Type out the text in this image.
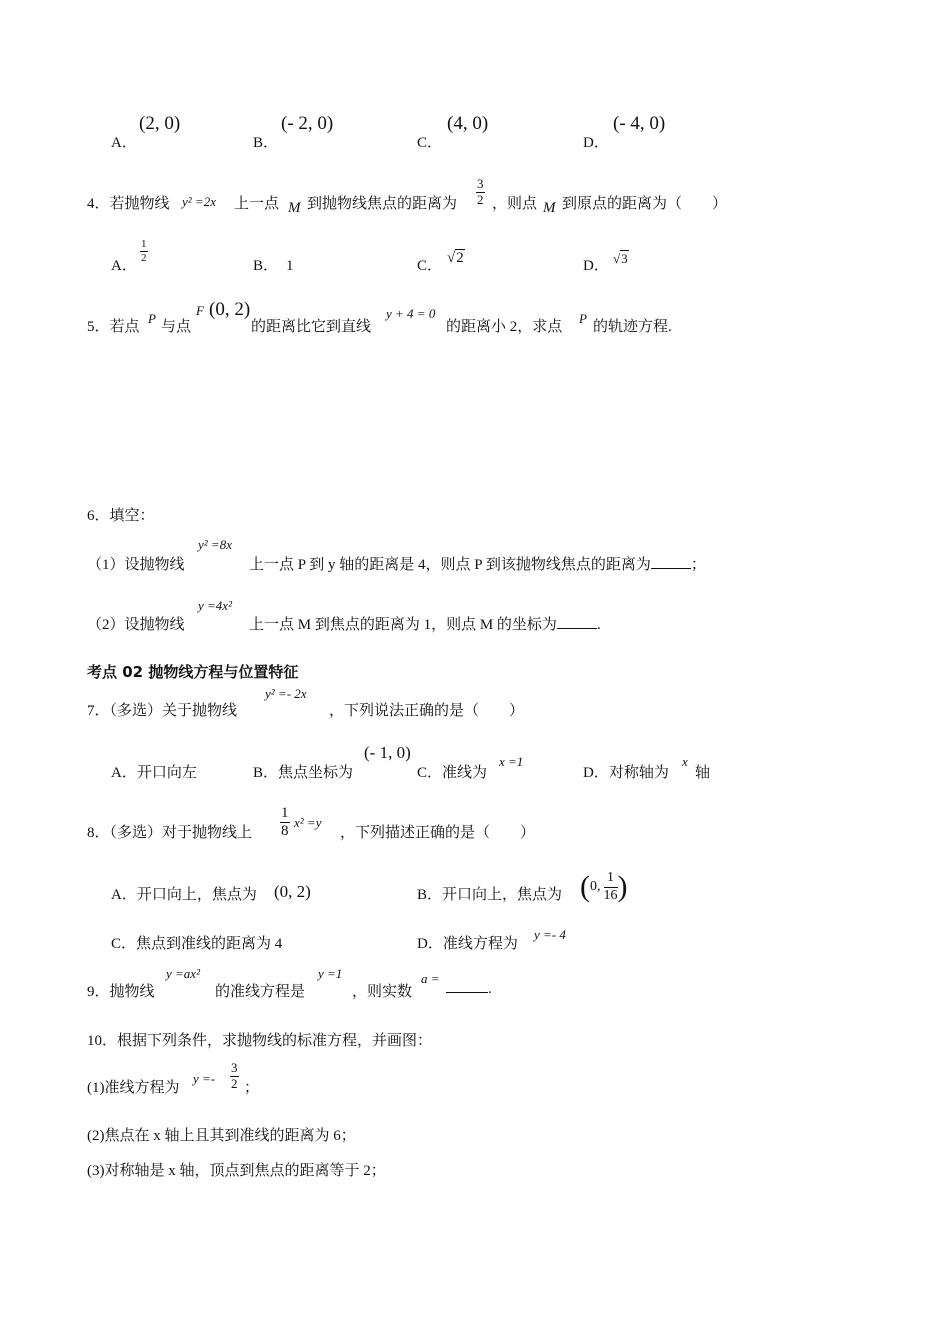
A．
(2, 0)
B．
(- 2, 0)
C．
(4, 0)
D．
(- 4, 0)
4．若抛物线 y² =2x 上一点 M 到抛物线焦点的距离为 $\frac{3}{2}$ ，则点 M 到原点的距离为（　　）
A．
$\frac{1}{2}$
B． 1	C． √2	D． √3
5．若点
P
与点
F (0, 2)
的距离比它到直线
y + 4 = 0
的距离小 2，求点
P
的轨迹方程.
6．填空：
（1）设抛物线
y² =8x
上一点 P 到 y 轴的距离是 4，则点 P 到该抛物线焦点的距离为	；
（2）设抛物线
y =4x²
上一点 M 到焦点的距离为 1，则点 M 的坐标为	.
考点 02 抛物线方程与位置特征
7．（多选）关于抛物线
y² =- 2x
，下列说法正确的是（　　）
A．开口向左	B．焦点坐标为
(- 1, 0)
C．准线为
x =1
D．对称轴为
x
轴
8．（多选）对于抛物线上 $\frac{1}{8} x^2 =y$
，下列描述正确的是（　　）
A．开口向上，焦点为 (0, 2)	B．开口向上，焦点为 (0, $\frac{1}{16}$ )
C．焦点到准线的距离为 4	D．准线方程为
y =- 4
9．抛物线
y =ax²
的准线方程是
y =1
，则实数
a =
.
10．根据下列条件，求抛物线的标准方程，并画图：
(1)准线方程为
$y =- \frac{3}{2}$ ；
(2)焦点在 x 轴上且其到准线的距离为 6；
(3)对称轴是 x 轴，顶点到焦点的距离等于 2；
